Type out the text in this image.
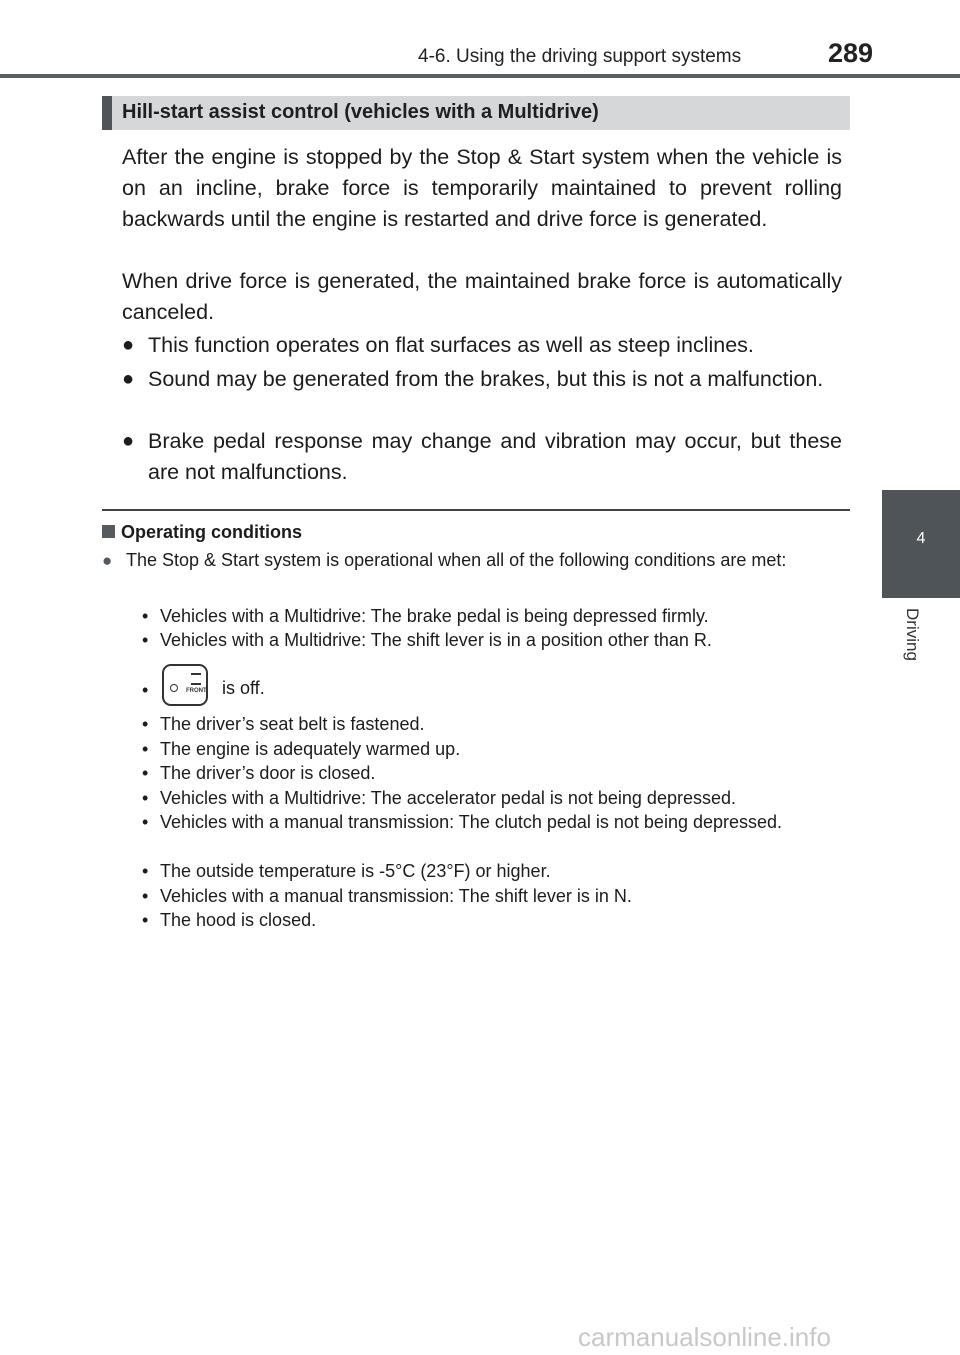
4-6. Using the driving support systems	289
4
Driving
Hill-start assist control (vehicles with a Multidrive)
After the engine is stopped by the Stop & Start system when the vehicle is on an incline, brake force is temporarily maintained to prevent rolling backwards until the engine is restarted and drive force is generated.
When drive force is generated, the maintained brake force is automatically canceled.
● This function operates on flat surfaces as well as steep inclines.
● Sound may be generated from the brakes, but this is not a malfunction.
● Brake pedal response may change and vibration may occur, but these are not malfunctions.
Operating conditions
● The Stop & Start system is operational when all of the following conditions are met:
• Vehicles with a Multidrive: The brake pedal is being depressed firmly.
• Vehicles with a Multidrive: The shift lever is in a position other than R.
•	FRONT is off.
• The driver’s seat belt is fastened.
• The engine is adequately warmed up.
• The driver’s door is closed.
• Vehicles with a Multidrive: The accelerator pedal is not being depressed.
• Vehicles with a manual transmission: The clutch pedal is not being depressed.
• The outside temperature is -5°C (23°F) or higher.
• Vehicles with a manual transmission: The shift lever is in N.
• The hood is closed.
carmanualsonline.info
